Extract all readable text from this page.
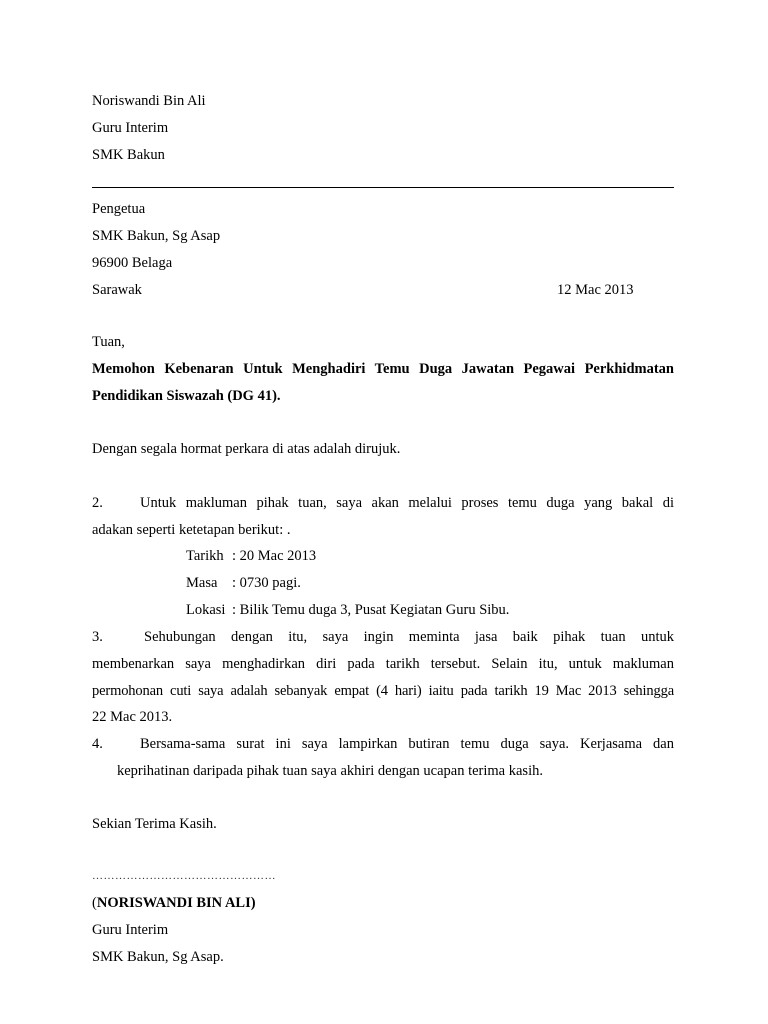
Noriswandi Bin Ali
Guru Interim
SMK Bakun
Pengetua
SMK Bakun, Sg Asap
96900 Belaga
Sarawak	12 Mac 2013
Tuan,
Memohon Kebenaran Untuk Menghadiri Temu Duga Jawatan Pegawai Perkhidmatan
Pendidikan Siswazah (DG 41).
Dengan segala hormat perkara di atas adalah dirujuk.
2.	Untuk makluman pihak tuan, saya akan melalui proses temu duga yang bakal di
adakan seperti ketetapan berikut: .
Tarikh : 20 Mac 2013
Masa : 0730 pagi.
Lokasi : Bilik Temu duga 3, Pusat Kegiatan Guru Sibu.
3.	Sehubungan dengan itu, saya ingin meminta jasa baik pihak tuan untuk
membenarkan saya menghadirkan diri pada tarikh tersebut. Selain itu, untuk makluman
permohonan cuti saya adalah sebanyak empat (4 hari) iaitu pada tarikh 19 Mac 2013 sehingga
22 Mac 2013.
4.	Bersama-sama surat ini saya lampirkan butiran temu duga saya. Kerjasama dan
keprihatinan daripada pihak tuan saya akhiri dengan ucapan terima kasih.
Sekian Terima Kasih.
…………………………………………
(NORISWANDI BIN ALI)
Guru Interim
SMK Bakun, Sg Asap.
